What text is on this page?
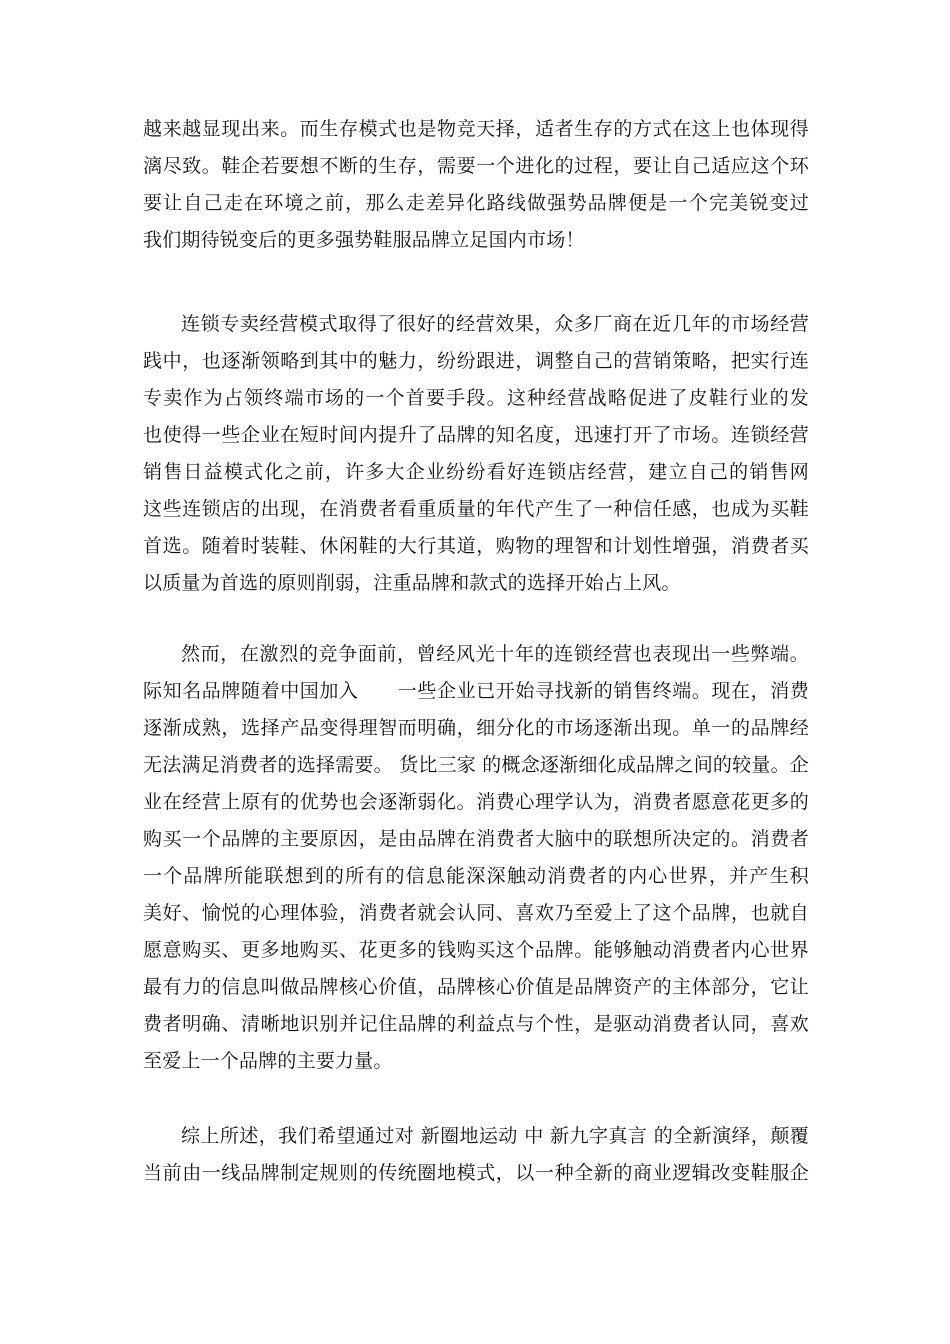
越来越显现出来。而生存模式也是物竞天择，适者生存的方式在这上也体现得
漓尽致。鞋企若要想不断的生存，需要一个进化的过程，要让自己适应这个环
要让自己走在环境之前，那么走差异化路线做强势品牌便是一个完美锐变过
我们期待锐变后的更多强势鞋服品牌立足国内市场！
连锁专卖经营模式取得了很好的经营效果，众多厂商在近几年的市场经营
践中，也逐渐领略到其中的魅力，纷纷跟进，调整自己的营销策略，把实行连
专卖作为占领终端市场的一个首要手段。这种经营战略促进了皮鞋行业的发
也使得一些企业在短时间内提升了品牌的知名度，迅速打开了市场。连锁经营
销售日益模式化之前，许多大企业纷纷看好连锁店经营，建立自己的销售网
这些连锁店的出现，在消费者看重质量的年代产生了一种信任感，也成为买鞋
首选。随着时装鞋、休闲鞋的大行其道，购物的理智和计划性增强，消费者买
以质量为首选的原则削弱，注重品牌和款式的选择开始占上风。
然而，在激烈的竞争面前，曾经风光十年的连锁经营也表现出一些弊端。
际知名品牌随着中国加入　　一些企业已开始寻找新的销售终端。现在，消费
逐渐成熟，选择产品变得理智而明确，细分化的市场逐渐出现。单一的品牌经
无法满足消费者的选择需要。 货比三家 的概念逐渐细化成品牌之间的较量。企
业在经营上原有的优势也会逐渐弱化。消费心理学认为，消费者愿意花更多的
购买一个品牌的主要原因，是由品牌在消费者大脑中的联想所决定的。消费者
一个品牌所能联想到的所有的信息能深深触动消费者的内心世界，并产生积
美好、愉悦的心理体验，消费者就会认同、喜欢乃至爱上了这个品牌，也就自
愿意购买、更多地购买、花更多的钱购买这个品牌。能够触动消费者内心世界
最有力的信息叫做品牌核心价值，品牌核心价值是品牌资产的主体部分，它让
费者明确、清晰地识别并记住品牌的利益点与个性，是驱动消费者认同，喜欢
至爱上一个品牌的主要力量。
综上所述，我们希望通过对 新圈地运动 中 新九字真言 的全新演绎，颠覆
当前由一线品牌制定规则的传统圈地模式，以一种全新的商业逻辑改变鞋服企
